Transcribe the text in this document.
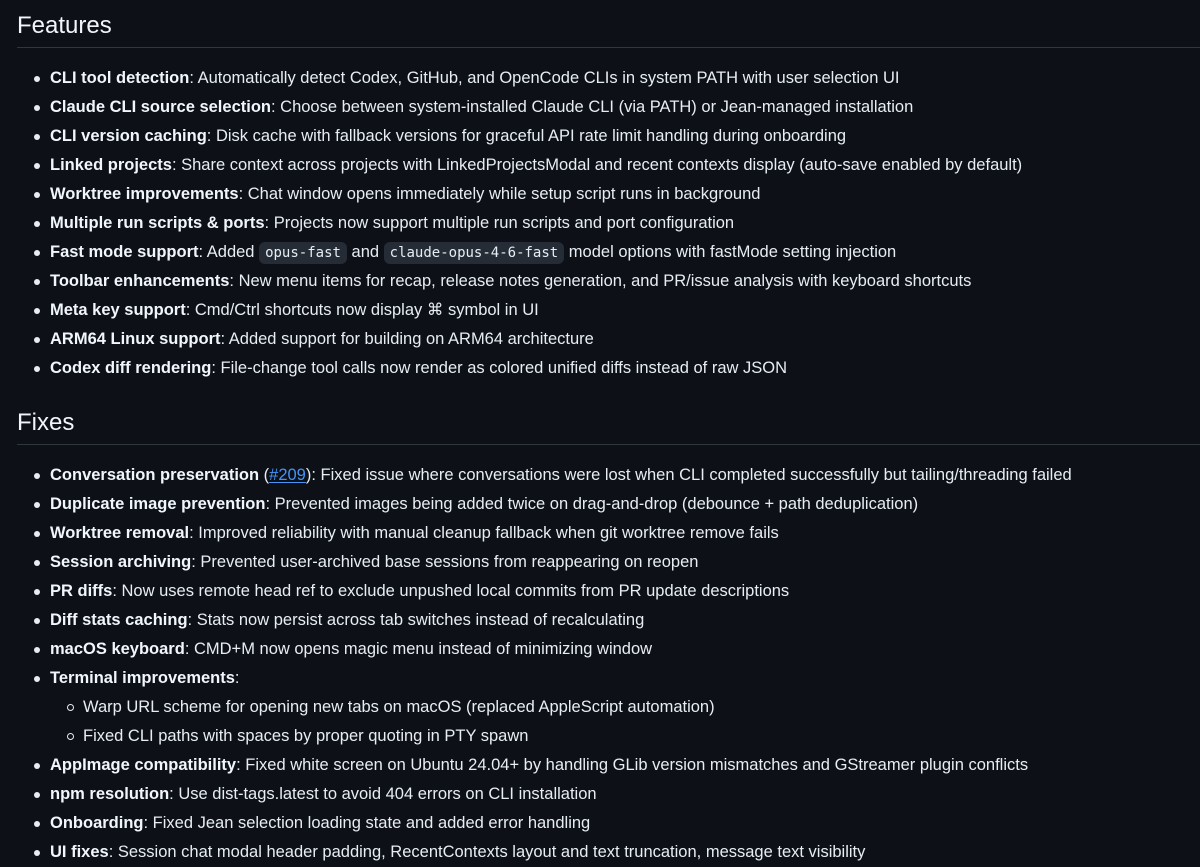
Features
CLI tool detection: Automatically detect Codex, GitHub, and OpenCode CLIs in system PATH with user selection UI
Claude CLI source selection: Choose between system-installed Claude CLI (via PATH) or Jean-managed installation
CLI version caching: Disk cache with fallback versions for graceful API rate limit handling during onboarding
Linked projects: Share context across projects with LinkedProjectsModal and recent contexts display (auto-save enabled by default)
Worktree improvements: Chat window opens immediately while setup script runs in background
Multiple run scripts & ports: Projects now support multiple run scripts and port configuration
Fast mode support: Added opus-fast and claude-opus-4-6-fast model options with fastMode setting injection
Toolbar enhancements: New menu items for recap, release notes generation, and PR/issue analysis with keyboard shortcuts
Meta key support: Cmd/Ctrl shortcuts now display ⌘ symbol in UI
ARM64 Linux support: Added support for building on ARM64 architecture
Codex diff rendering: File-change tool calls now render as colored unified diffs instead of raw JSON
Fixes
Conversation preservation (#209): Fixed issue where conversations were lost when CLI completed successfully but tailing/threading failed
Duplicate image prevention: Prevented images being added twice on drag-and-drop (debounce + path deduplication)
Worktree removal: Improved reliability with manual cleanup fallback when git worktree remove fails
Session archiving: Prevented user-archived base sessions from reappearing on reopen
PR diffs: Now uses remote head ref to exclude unpushed local commits from PR update descriptions
Diff stats caching: Stats now persist across tab switches instead of recalculating
macOS keyboard: CMD+M now opens magic menu instead of minimizing window
Terminal improvements:
Warp URL scheme for opening new tabs on macOS (replaced AppleScript automation)
Fixed CLI paths with spaces by proper quoting in PTY spawn
AppImage compatibility: Fixed white screen on Ubuntu 24.04+ by handling GLib version mismatches and GStreamer plugin conflicts
npm resolution: Use dist-tags.latest to avoid 404 errors on CLI installation
Onboarding: Fixed Jean selection loading state and added error handling
UI fixes: Session chat modal header padding, RecentContexts layout and text truncation, message text visibility
